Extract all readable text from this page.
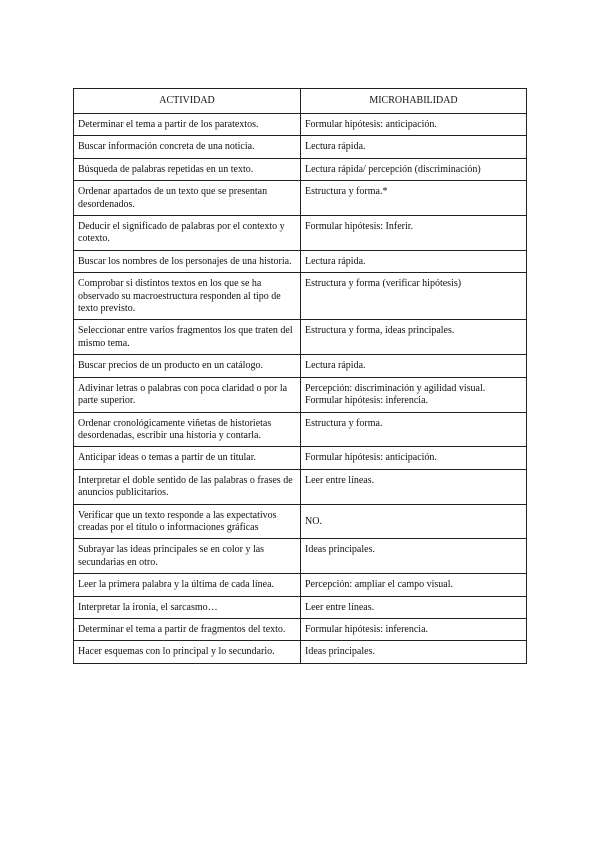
ACTIVIDAD	MICROHABILIDAD
Determinar el tema a partir de los paratextos.	Formular hipótesis: anticipación.
Buscar información concreta de una noticia.	Lectura rápida.
Búsqueda de palabras repetidas en un texto.	Lectura rápida/ percepción (discriminación)
Ordenar apartados de un texto que se presentan desordenados.	Estructura y forma.*
Deducir el significado de palabras por el contexto y cotexto.	Formular hipótesis: Inferir.
Buscar los nombres de los personajes de una historia.	Lectura rápida.
Comprobar si distintos textos en los que se ha observado su macroestructura responden al tipo de texto previsto.	Estructura y forma (verificar hipótesis)
Seleccionar entre varios fragmentos los que traten del mismo tema.	Estructura y forma, ideas principales.
Buscar precios de un producto en un catálogo.	Lectura rápida.
Adivinar letras o palabras con poca claridad o por la parte superior.	Percepción: discriminación y agilidad visual. Formular hipótesis: inferencia.
Ordenar cronológicamente viñetas de historietas desordenadas, escribir una historia y contarla.	Estructura y forma.
Anticipar ideas o temas a partir de un titular.	Formular hipótesis: anticipación.
Interpretar el doble sentido de las palabras o frases de anuncios publicitarios.	Leer entre líneas.
Verificar que un texto responde a las expectativos creadas por el título o informaciones gráficas	NO.
Subrayar las ideas principales se en color y las secundarias en otro.	Ideas principales.
Leer la primera palabra y la última de cada línea.	Percepción: ampliar el campo visual.
Interpretar la ironía, el sarcasmo…	Leer entre líneas.
Determinar el tema a partir de fragmentos del texto.	Formular hipótesis: inferencia.
Hacer esquemas con lo principal y lo secundario.	Ideas principales.
